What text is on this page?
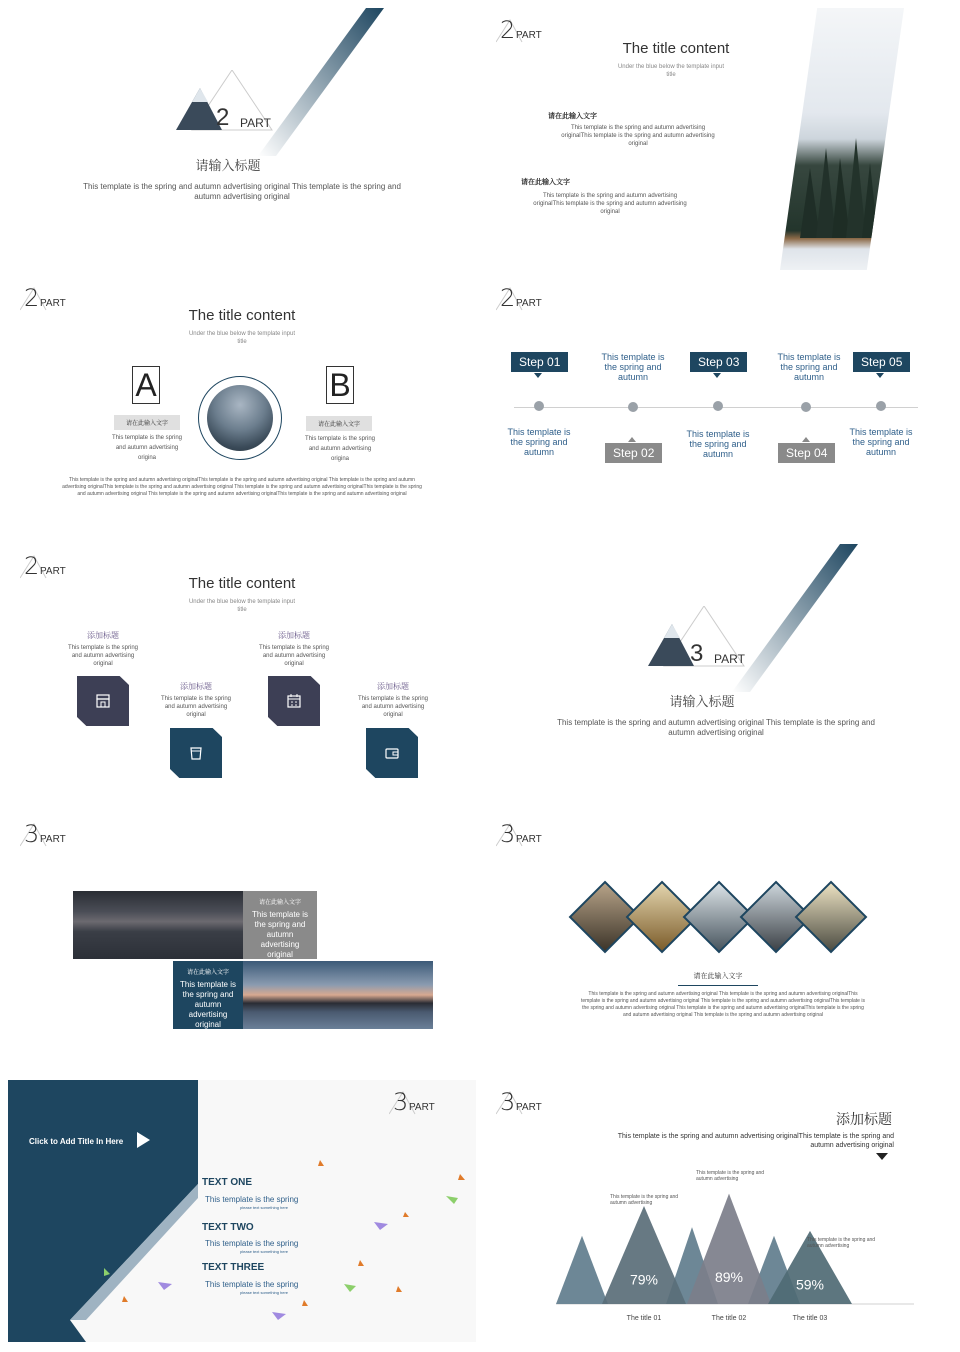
2 PART
请输入标题
This template is the spring and autumn advertising original This template is the spring and autumn advertising original
2 PART
The title content
Under the blue below the template input title
请在此输入文字
This template is the spring and autumn advertising originalThis template is the spring and autumn advertising original
请在此输入文字
This template is the spring and autumn advertising originalThis template is the spring and autumn advertising original
2 PART
The title content
Under the blue below the template input title
A
请在此输入文字
This template is the spring and autumn advertising origina
B
请在此输入文字
This template is the spring and autumn advertising origina
This template is the spring and autumn advertising originalThis template is the spring and autumn advertising original This template is the spring and autumn advertising originalThis template is the spring and autumn advertising original This template is the spring and autumn advertising originalThis template is the spring and autumn advertising original This template is the spring and autumn advertising originalThis template is the spring and autumn advertising original
2 PART
Step 01	This template is the spring and autumn
Step 03	This template is the spring and autumn
Step 05
This template is the spring and autumn	Step 02
This template is the spring and autumn	Step 04
This template is the spring and autumn
2 PART
The title content
Under the blue below the template input title
添加标题
This template is the spring and autumn advertising original
添加标题
This template is the spring and autumn advertising original
添加标题
This template is the spring and autumn advertising original
添加标题
This template is the spring and autumn advertising original
3 PART
请输入标题
This template is the spring and autumn advertising original This template is the spring and autumn advertising original
3 PART
请在此输入文字
This template is the spring and autumn advertising original
请在此输入文字
This template is the spring and autumn advertising original
3 PART
请在此输入文字
This template is the spring and autumn advertising original This template is the spring and autumn advertising originalThis template is the spring and autumn advertising original This template is the spring and autumn advertising originalThis template is the spring and autumn advertising original This template is the spring and autumn advertising originalThis template is the spring and autumn advertising original This template is the spring and autumn advertising original
Click to Add Title In Here
3 PART
TEXT ONE
This template is the spring
please text something here
TEXT TWO
This template is the spring
please text something here
TEXT THREE
This template is the spring
please text something here
3 PART
添加标题
This template is the spring and autumn advertising originalThis template is the spring and autumn advertising original
79%
The title 01
89%
The title 02
59%
The title 03
This template is the spring and autumn advertising
This template is the spring and autumn advertising
This template is the spring and autumn advertising
